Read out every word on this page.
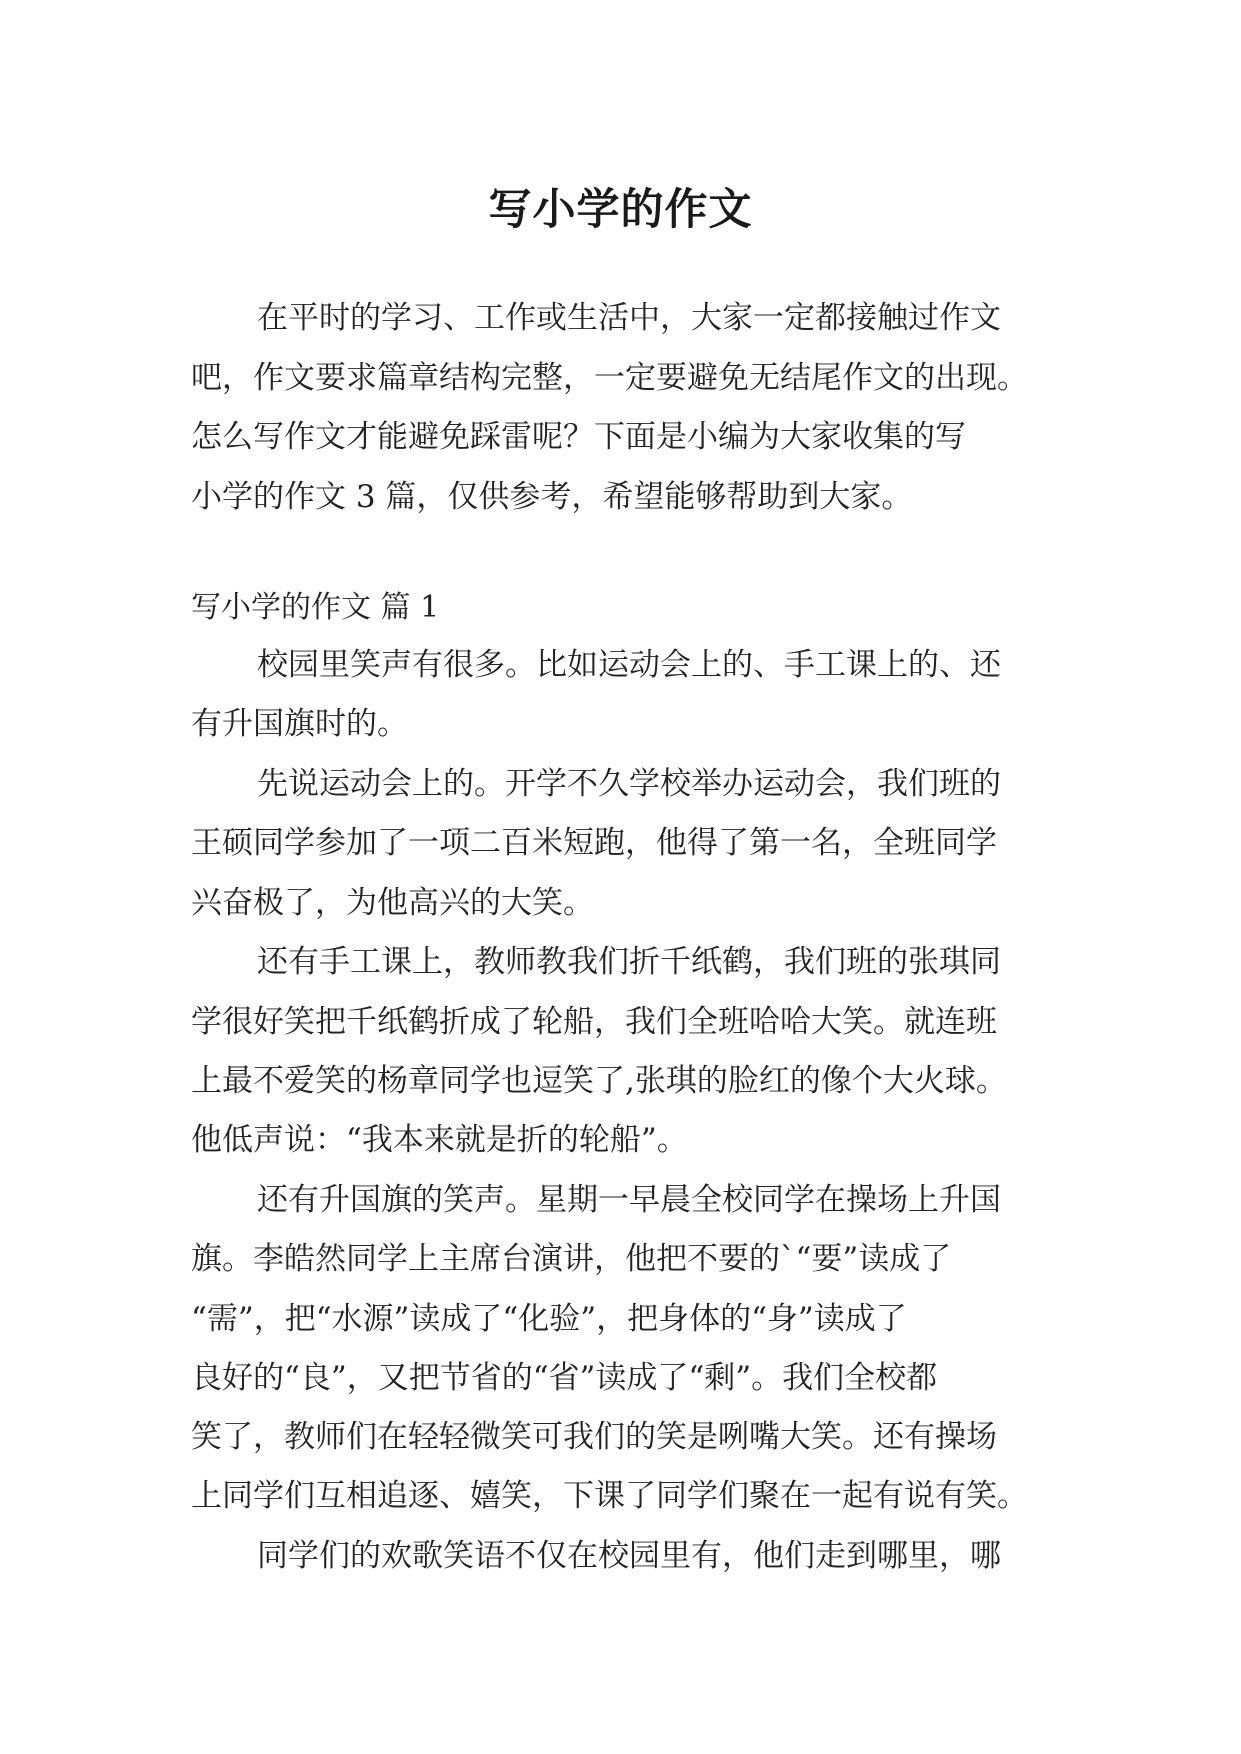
写小学的作文
在平时的学习、工作或生活中，大家一定都接触过作文
吧，作文要求篇章结构完整，一定要避免无结尾作文的出现。
怎么写作文才能避免踩雷呢？下面是小编为大家收集的写
小学的作文 3 篇，仅供参考，希望能够帮助到大家。
写小学的作文 篇 1
校园里笑声有很多。比如运动会上的、手工课上的、还
有升国旗时的。
先说运动会上的。开学不久学校举办运动会，我们班的
王硕同学参加了一项二百米短跑，他得了第一名，全班同学
兴奋极了，为他高兴的大笑。
还有手工课上，教师教我们折千纸鹤，我们班的张琪同
学很好笑把千纸鹤折成了轮船，我们全班哈哈大笑。就连班
上最不爱笑的杨章同学也逗笑了,张琪的脸红的像个大火球。
他低声说：“我本来就是折的轮船”。
还有升国旗的笑声。星期一早晨全校同学在操场上升国
旗。李皓然同学上主席台演讲，他把不要的`“要”读成了
“需”，把“水源”读成了“化验”，把身体的“身”读成了
良好的“良”，又把节省的“省”读成了“剩”。我们全校都
笑了，教师们在轻轻微笑可我们的笑是咧嘴大笑。还有操场
上同学们互相追逐、嬉笑，下课了同学们聚在一起有说有笑。
同学们的欢歌笑语不仅在校园里有，他们走到哪里，哪
